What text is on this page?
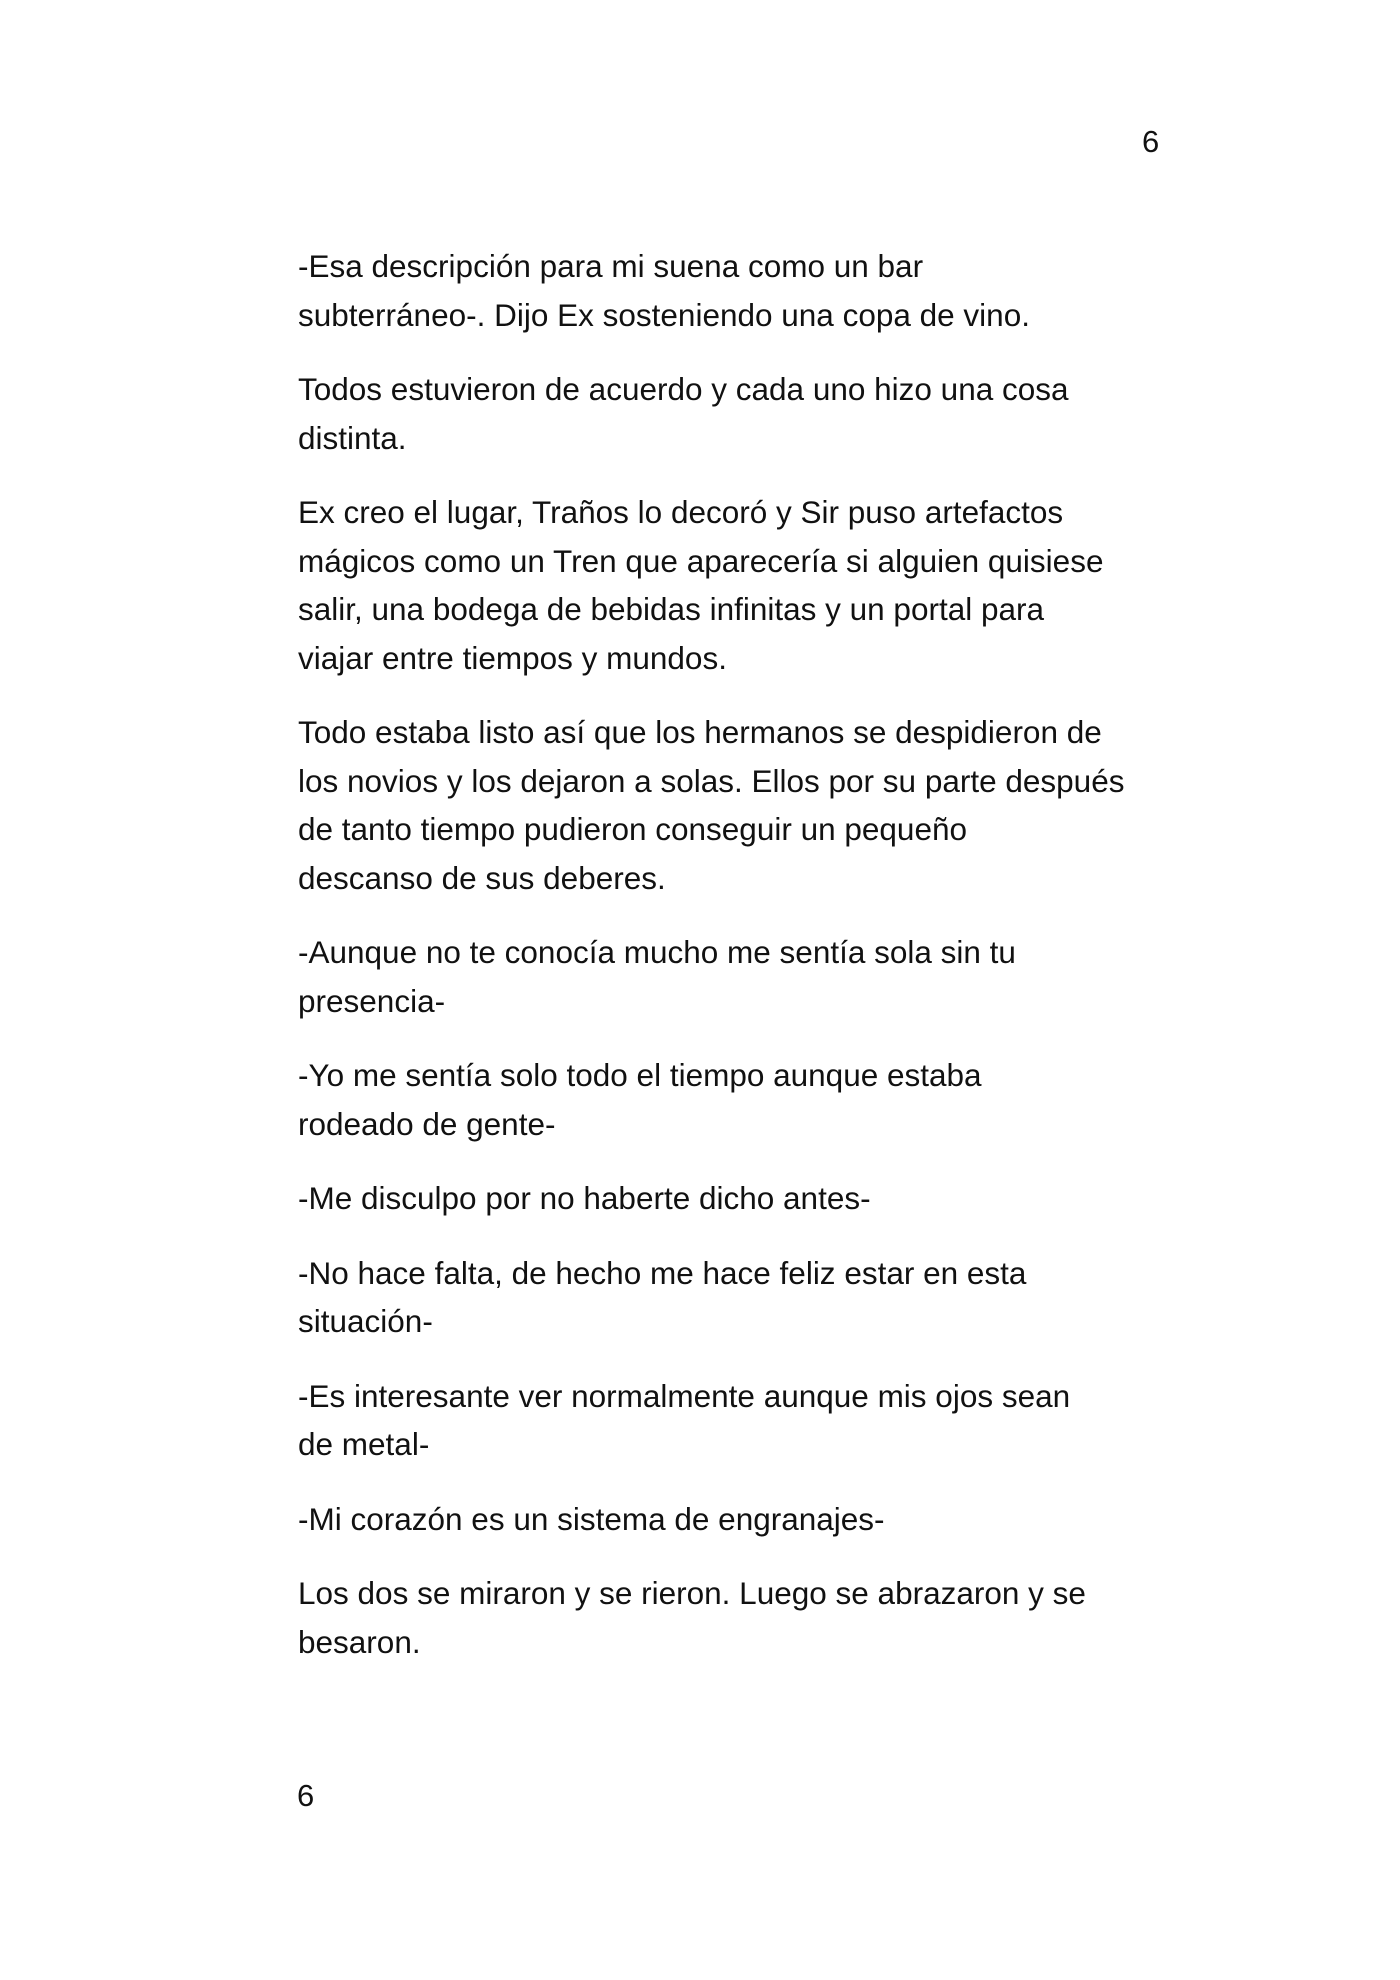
6

-Esa descripción para mi suena como un bar
subterráneo-. Dijo Ex sosteniendo una copa de vino.

Todos estuvieron de acuerdo y cada uno hizo una cosa
distinta.

Ex creo el lugar, Traños lo decoró y Sir puso artefactos
mágicos como un Tren que aparecería si alguien quisiese
salir, una bodega de bebidas infinitas y un portal para
viajar entre tiempos y mundos.

Todo estaba listo así que los hermanos se despidieron de
los novios y los dejaron a solas. Ellos por su parte después
de tanto tiempo pudieron conseguir un pequeño
descanso de sus deberes.

-Aunque no te conocía mucho me sentía sola sin tu
presencia-

-Yo me sentía solo todo el tiempo aunque estaba
rodeado de gente-

-Me disculpo por no haberte dicho antes-

-No hace falta, de hecho me hace feliz estar en esta
situación-

-Es interesante ver normalmente aunque mis ojos sean
de metal-

-Mi corazón es un sistema de engranajes-

Los dos se miraron y se rieron. Luego se abrazaron y se
besaron.

6
